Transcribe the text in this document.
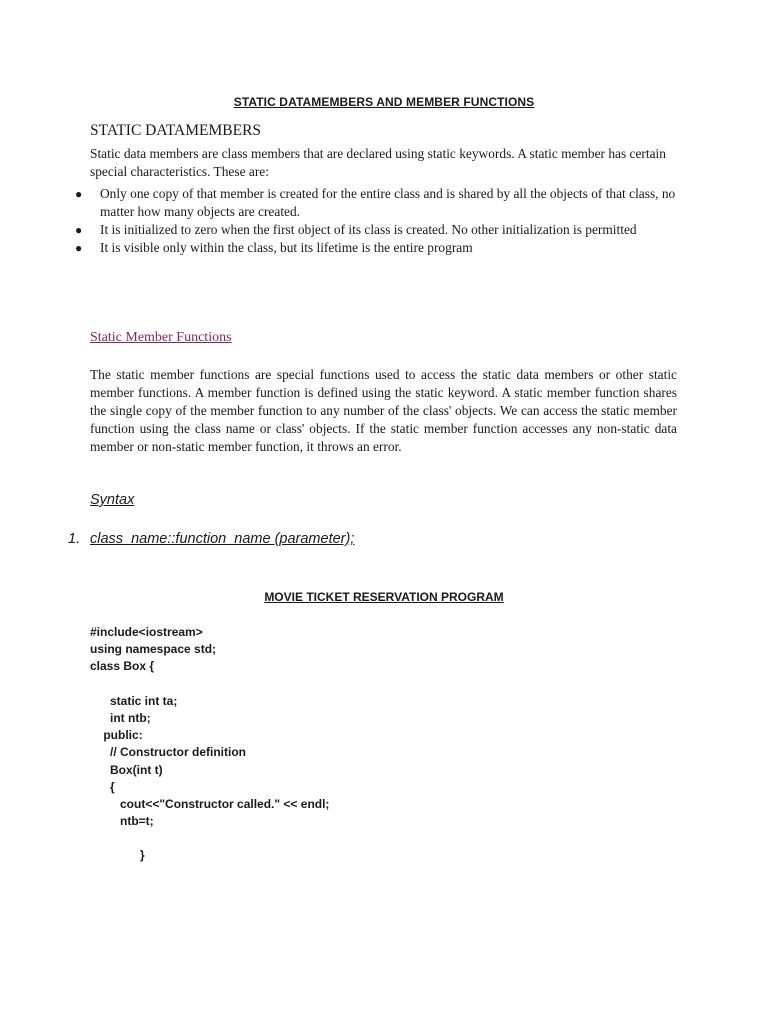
STATIC DATAMEMBERS AND MEMBER FUNCTIONS
STATIC DATAMEMBERS
Static data members are class members that are declared using static keywords. A static member has certain special characteristics. These are:
● Only one copy of that member is created for the entire class and is shared by all the objects of that class, no matter how many objects are created.
● It is initialized to zero when the first object of its class is created. No other initialization is permitted
● It is visible only within the class, but its lifetime is the entire program
Static Member Functions
The static member functions are special functions used to access the static data members or other static member functions. A member function is defined using the static keyword. A static member function shares the single copy of the member function to any number of the class' objects. We can access the static member function using the class name or class' objects. If the static member function accesses any non-static data member or non-static member function, it throws an error.
Syntax
1. class_name::function_name (parameter);
MOVIE TICKET RESERVATION PROGRAM
#include<iostream>
using namespace std;
class Box {
static int ta;
int ntb;
public:
// Constructor definition
Box(int t)
{
cout<<"Constructor called." << endl;
ntb=t;
}
